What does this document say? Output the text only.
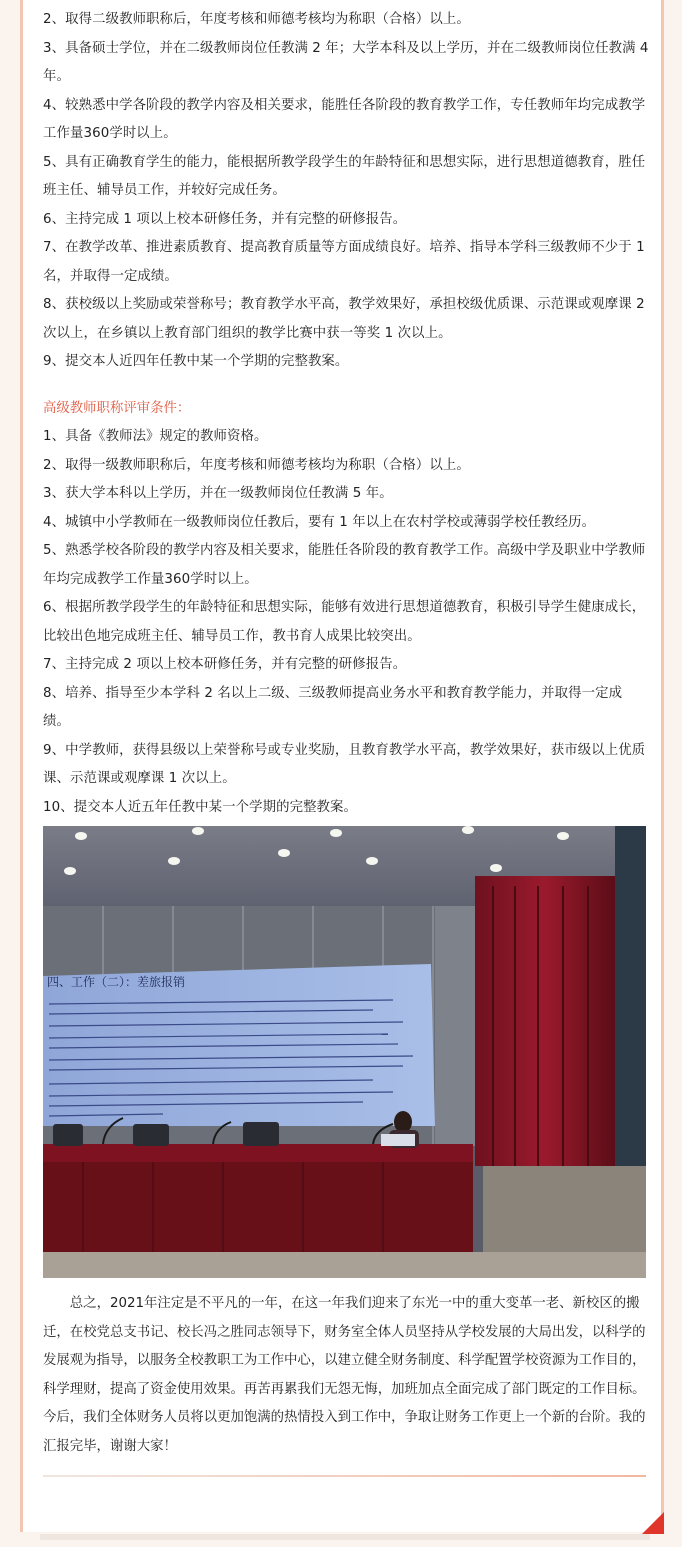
2、取得二级教师职称后，年度考核和师德考核均为称职（合格）以上。

3、具备硕士学位，并在二级教师岗位任教满 2 年；大学本科及以上学历，并在二级教师岗位任教满 4 年。

4、较熟悉中学各阶段的教学内容及相关要求，能胜任各阶段的教育教学工作，专任教师年均完成教学工作量360学时以上。

5、具有正确教育学生的能力，能根据所教学段学生的年龄特征和思想实际，进行思想道德教育，胜任班主任、辅导员工作，并较好完成任务。

6、主持完成 1 项以上校本研修任务，并有完整的研修报告。

7、在教学改革、推进素质教育、提高教育质量等方面成绩良好。培养、指导本学科三级教师不少于 1 名，并取得一定成绩。

8、获校级以上奖励或荣誉称号；教育教学水平高，教学效果好，承担校级优质课、示范课或观摩课 2 次以上，在乡镇以上教育部门组织的教学比赛中获一等奖 1 次以上。

9、提交本人近四年任教中某一个学期的完整教案。

高级教师职称评审条件：

1、具备《教师法》规定的教师资格。

2、取得一级教师职称后，年度考核和师德考核均为称职（合格）以上。

3、获大学本科以上学历，并在一级教师岗位任教满 5 年。

4、城镇中小学教师在一级教师岗位任教后，要有 1 年以上在农村学校或薄弱学校任教经历。

5、熟悉学校各阶段的教学内容及相关要求，能胜任各阶段的教育教学工作。高级中学及职业中学教师年均完成教学工作量360学时以上。

6、根据所教学段学生的年龄特征和思想实际，能够有效进行思想道德教育，积极引导学生健康成长，比较出色地完成班主任、辅导员工作，教书育人成果比较突出。

7、主持完成 2 项以上校本研修任务，并有完整的研修报告。

8、培养、指导至少本学科 2 名以上二级、三级教师提高业务水平和教育教学能力，并取得一定成绩。

9、中学教师，获得县级以上荣誉称号或专业奖励，且教育教学水平高，教学效果好，获市级以上优质课、示范课或观摩课 1 次以上。

10、提交本人近五年任教中某一个学期的完整教案。

四、工作（二）：差旅报销

总之，2021年注定是不平凡的一年，在这一年我们迎来了东光一中的重大变革一老、新校区的搬迁，在校党总支书记、校长冯之胜同志领导下，财务室全体人员坚持从学校发展的大局出发，以科学的发展观为指导，以服务全校教职工为工作中心，以建立健全财务制度、科学配置学校资源为工作目的，科学理财，提高了资金使用效果。再苦再累我们无怨无悔，加班加点全面完成了部门既定的工作目标。今后，我们全体财务人员将以更加饱满的热情投入到工作中，争取让财务工作更上一个新的台阶。我的汇报完毕，谢谢大家！
